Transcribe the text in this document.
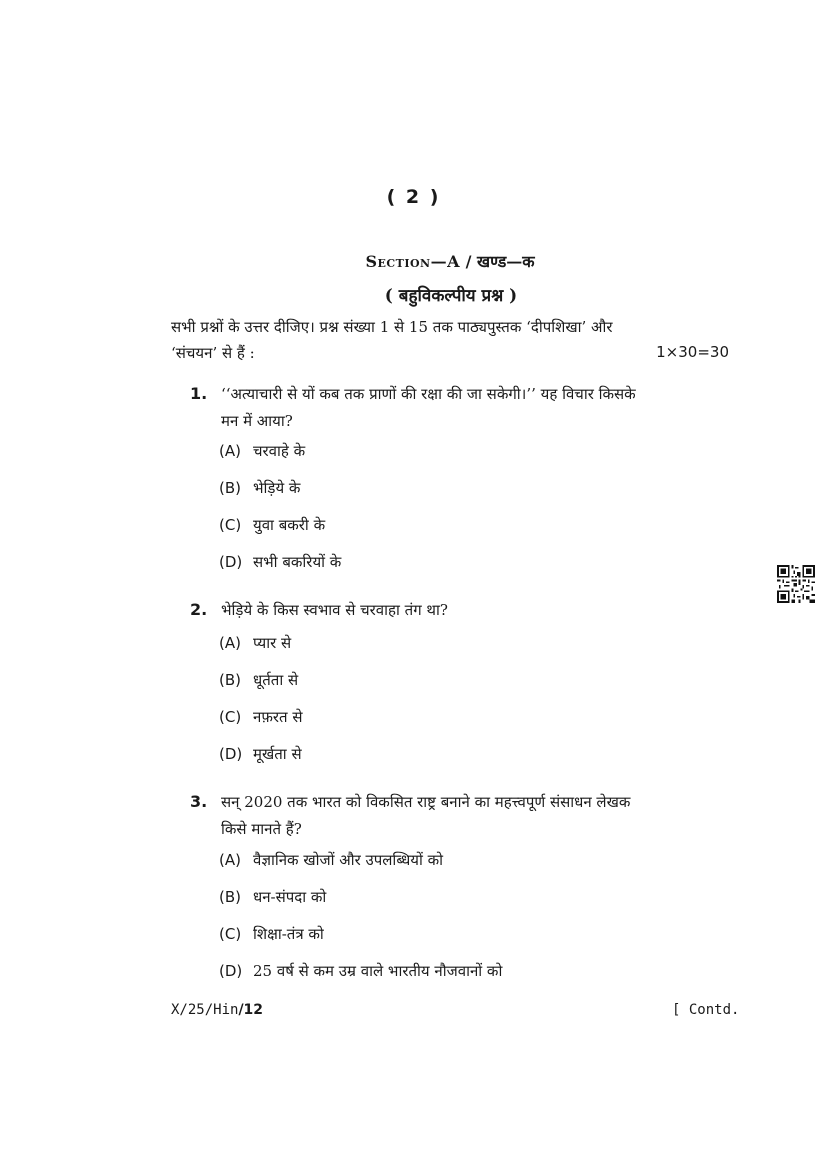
( 2 )
Section—A / खण्ड—क
( बहुविकल्पीय प्रश्न )
सभी प्रश्नों के उत्तर दीजिए। प्रश्न संख्या 1 से 15 तक पाठ्यपुस्तक ‘दीपशिखा’ और
‘संचयन’ से हैं :	1×30=30
1. ‘‘अत्याचारी से यों कब तक प्राणों की रक्षा की जा सकेगी।’’ यह विचार किसके
मन में आया?
(A) चरवाहे के
(B) भेड़िये के
(C) युवा बकरी के
(D) सभी बकरियों के
2. भेड़िये के किस स्वभाव से चरवाहा तंग था?
(A) प्यार से
(B) धूर्तता से
(C) नफ़रत से
(D) मूर्खता से
3. सन् 2020 तक भारत को विकसित राष्ट्र बनाने का महत्त्वपूर्ण संसाधन लेखक
किसे मानते हैं?
(A) वैज्ञानिक खोजों और उपलब्धियों को
(B) धन-संपदा को
(C) शिक्षा-तंत्र को
(D) 25 वर्ष से कम उम्र वाले भारतीय नौजवानों को
X/25/Hin/12	[ Contd.
